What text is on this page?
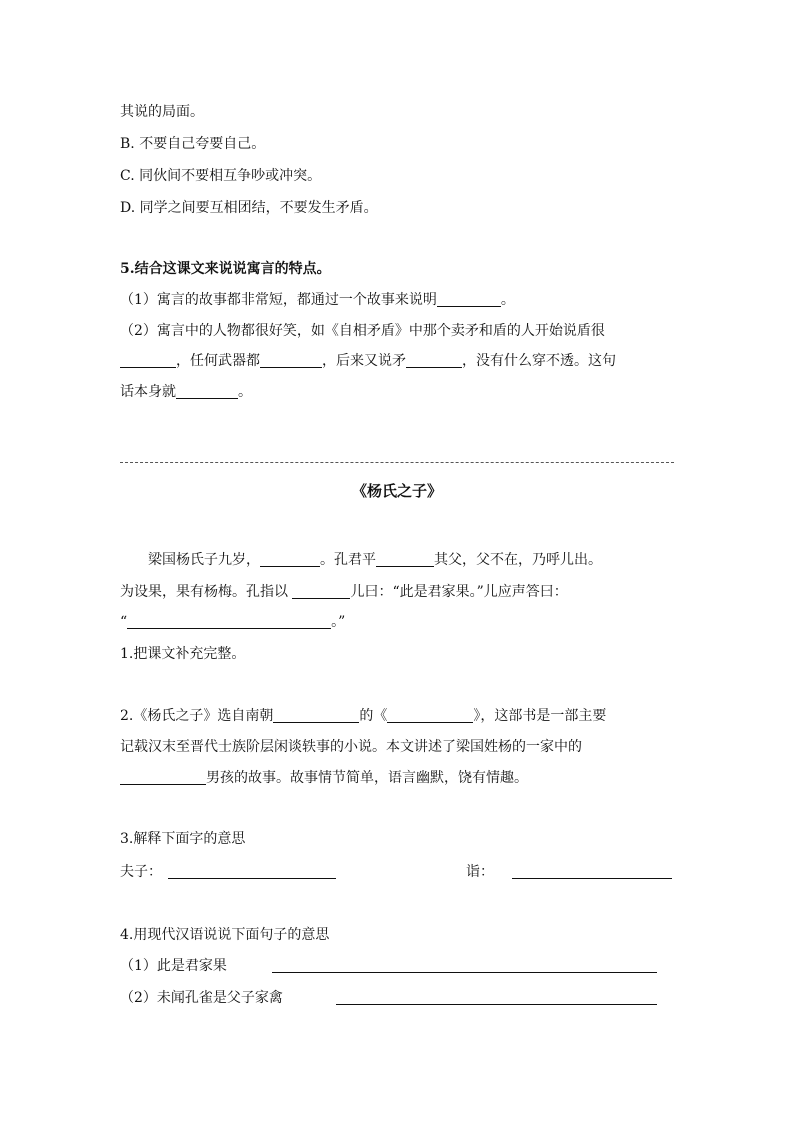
其说的局面。
B. 不要自己夸要自己。
C. 同伙间不要相互争吵或冲突。
D. 同学之间要互相团结，不要发生矛盾。
5.结合这课文来说说寓言的特点。
（1）寓言的故事都非常短，都通过一个故事来说明	。
（2）寓言中的人物都很好笑，如《自相矛盾》中那个卖矛和盾的人开始说盾很
，任何武器都	，后来又说矛	，没有什么穿不透。这句
话本身就	。
《杨氏之子》
梁国杨氏子九岁，	。孔君平	其父，父不在，乃呼儿出。
为设果，果有杨梅。孔指以	儿曰：“此是君家果。”儿应声答曰：
“	。”
1.把课文补充完整。
2.《杨氏之子》选自南朝	的《	》，这部书是一部主要
记载汉末至晋代士族阶层闲谈轶事的小说。本文讲述了梁国姓杨的一家中的
男孩的故事。故事情节简单，语言幽默，饶有情趣。
3.解释下面字的意思
夫子：	诣：
4.用现代汉语说说下面句子的意思
（1）此是君家果
（2）未闻孔雀是父子家禽
